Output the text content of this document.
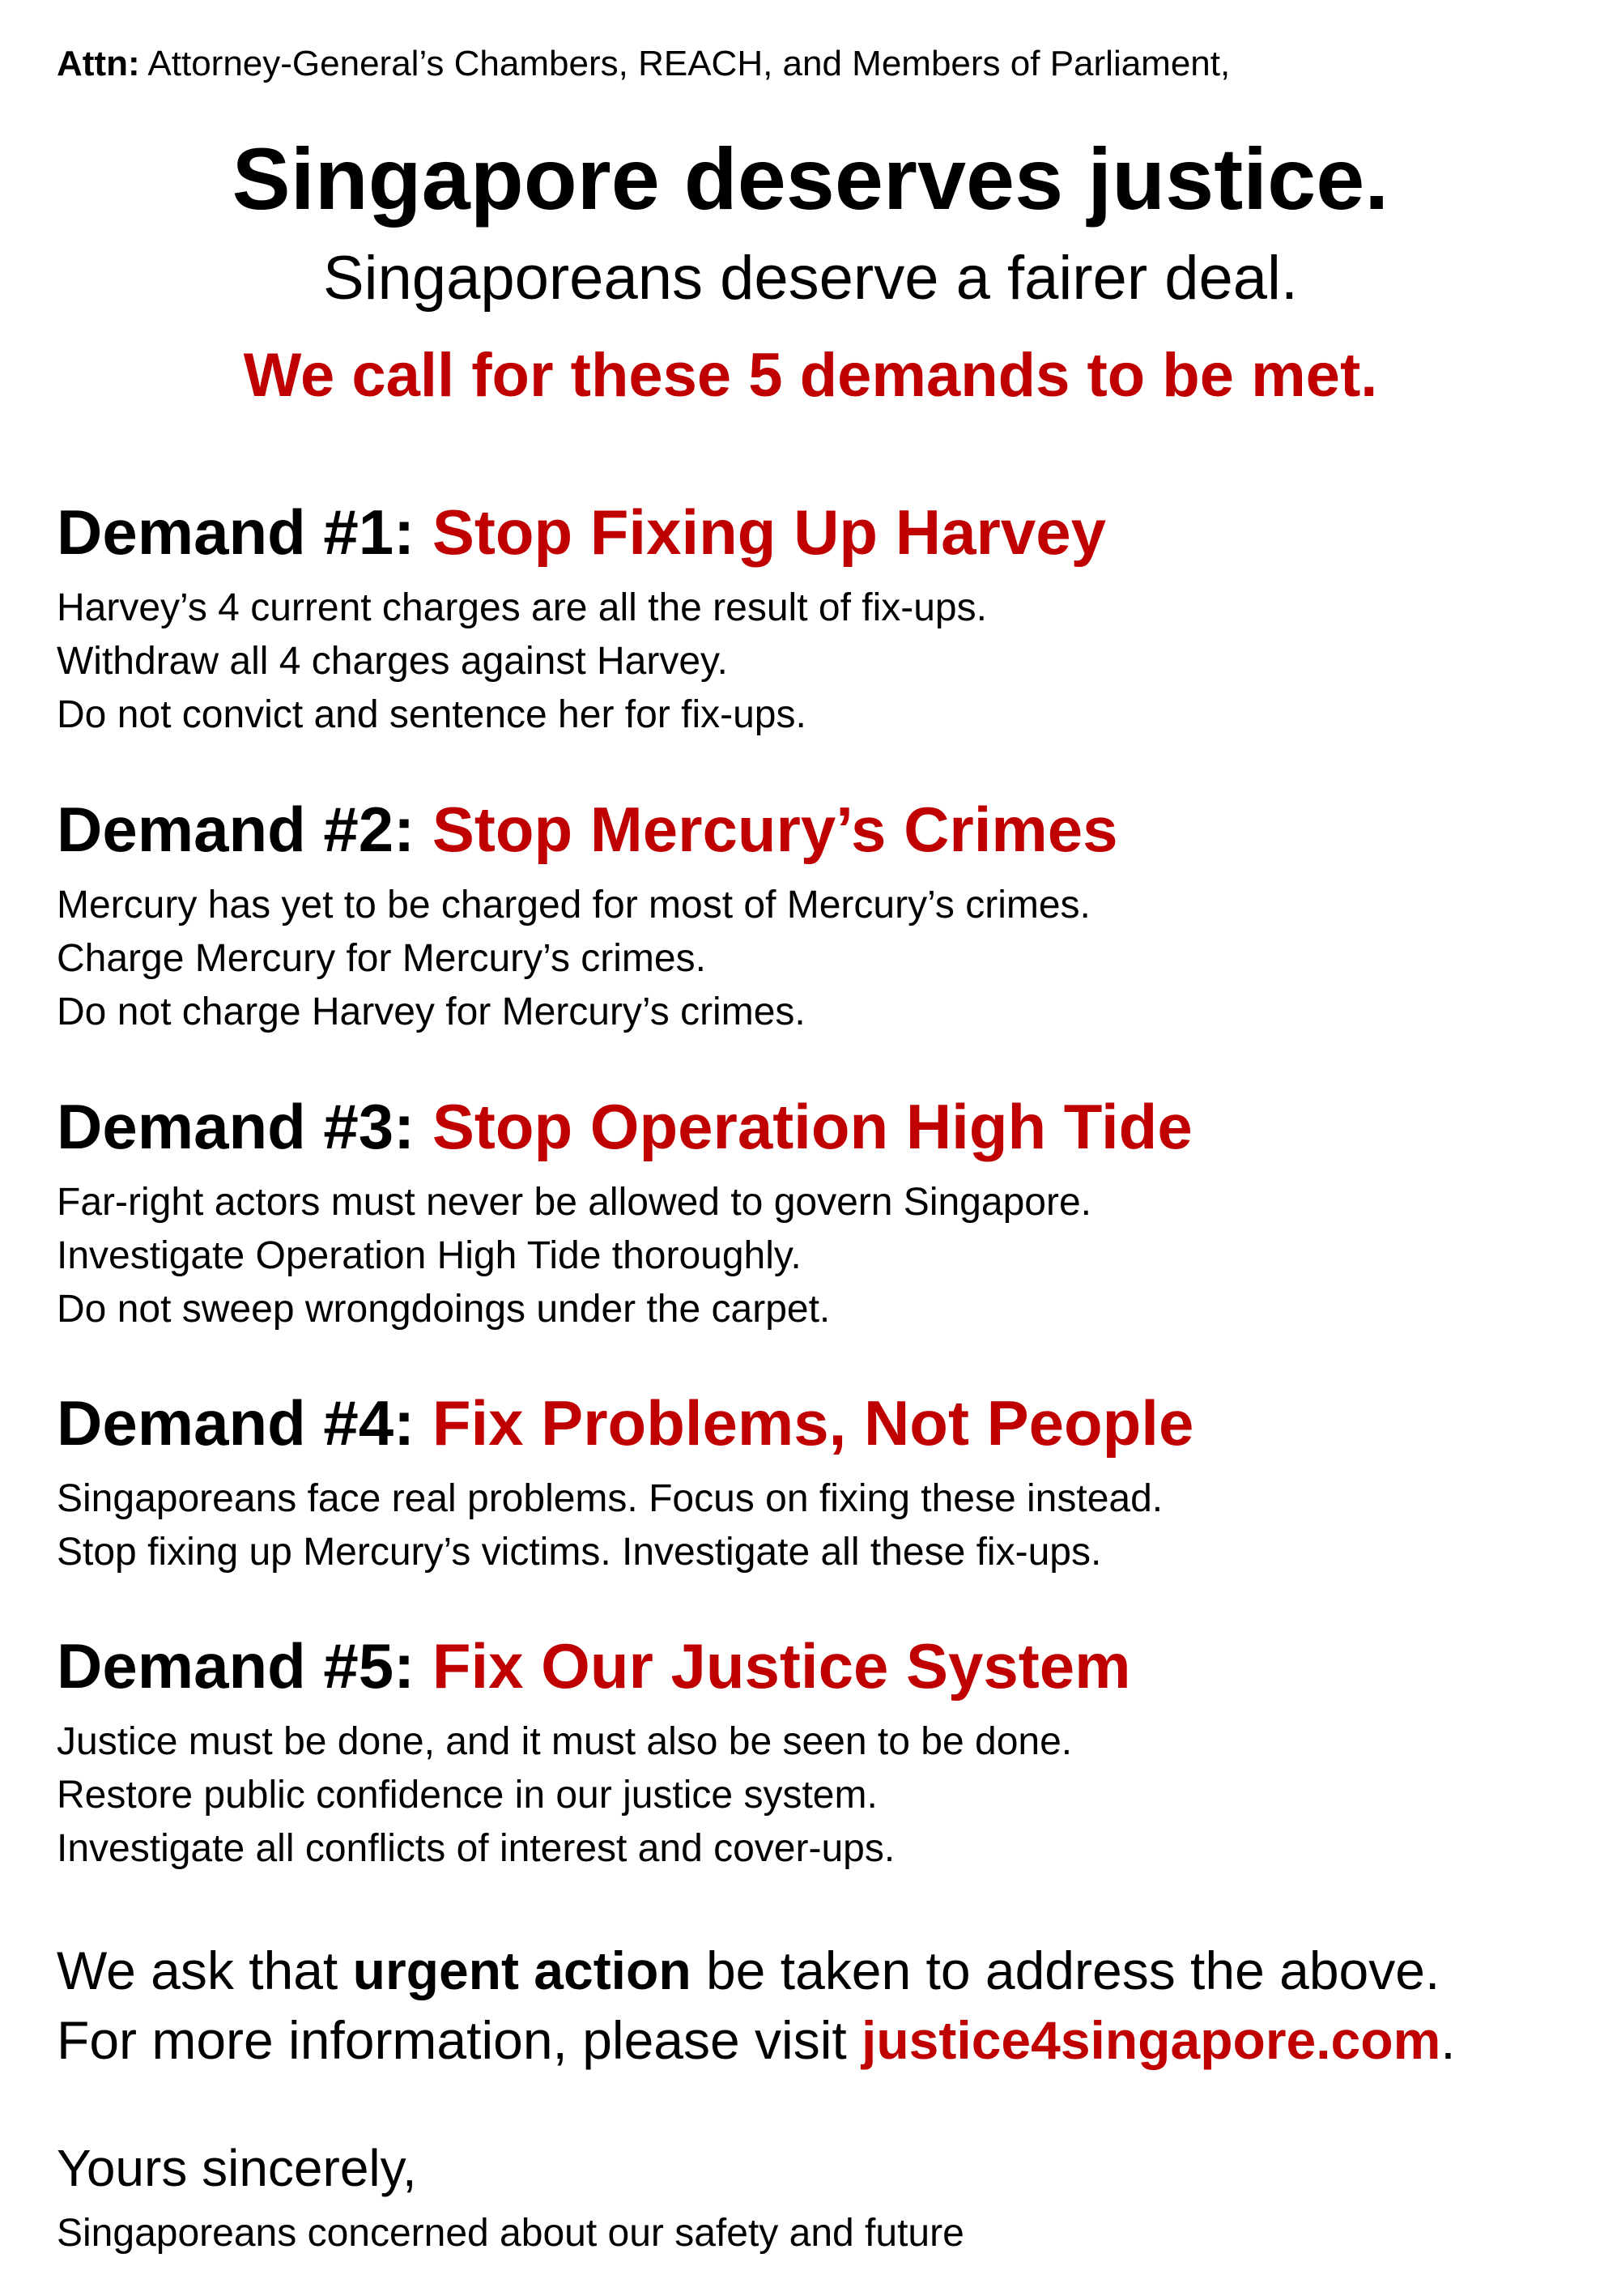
Attn: Attorney-General’s Chambers, REACH, and Members of Parliament,
Singapore deserves justice.
Singaporeans deserve a fairer deal.
We call for these 5 demands to be met.
Demand #1: Stop Fixing Up Harvey
Harvey’s 4 current charges are all the result of fix-ups.
Withdraw all 4 charges against Harvey.
Do not convict and sentence her for fix-ups.
Demand #2: Stop Mercury’s Crimes
Mercury has yet to be charged for most of Mercury’s crimes.
Charge Mercury for Mercury’s crimes.
Do not charge Harvey for Mercury’s crimes.
Demand #3: Stop Operation High Tide
Far-right actors must never be allowed to govern Singapore.
Investigate Operation High Tide thoroughly.
Do not sweep wrongdoings under the carpet.
Demand #4: Fix Problems, Not People
Singaporeans face real problems. Focus on fixing these instead.
Stop fixing up Mercury’s victims. Investigate all these fix-ups.
Demand #5: Fix Our Justice System
Justice must be done, and it must also be seen to be done.
Restore public confidence in our justice system.
Investigate all conflicts of interest and cover-ups.
We ask that urgent action be taken to address the above.
For more information, please visit justice4singapore.com.
Yours sincerely,
Singaporeans concerned about our safety and future
